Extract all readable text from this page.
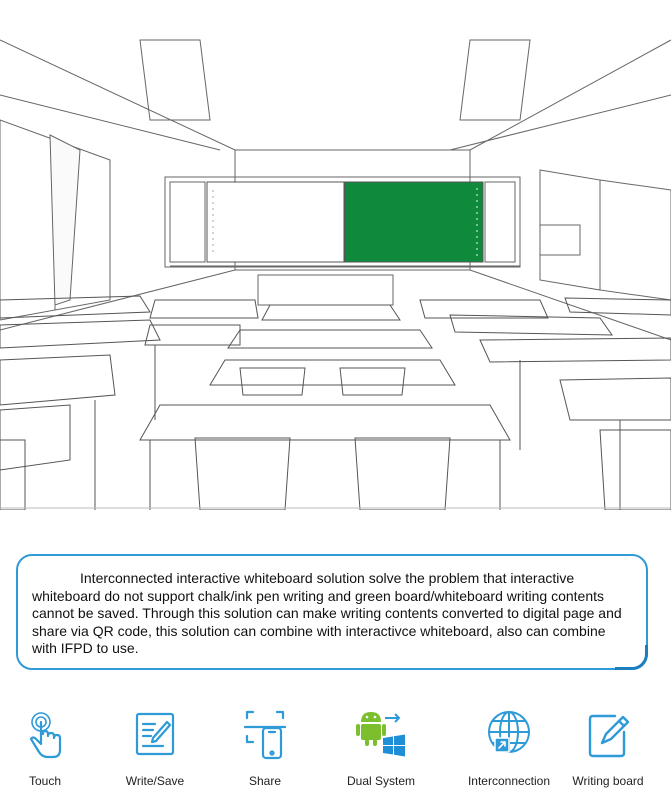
Interconnected interactive whiteboard solution solve the problem that interactive whiteboard do not support chalk/ink pen writing and green board/whiteboard writing contents cannot be saved. Through this solution can make writing contents converted to digital page and share via QR code, this solution can combine with interactivce whiteboard, also can combine with IFPD to use.

Touch	Write/Save	Share	Dual System	Interconnection	Writing board
